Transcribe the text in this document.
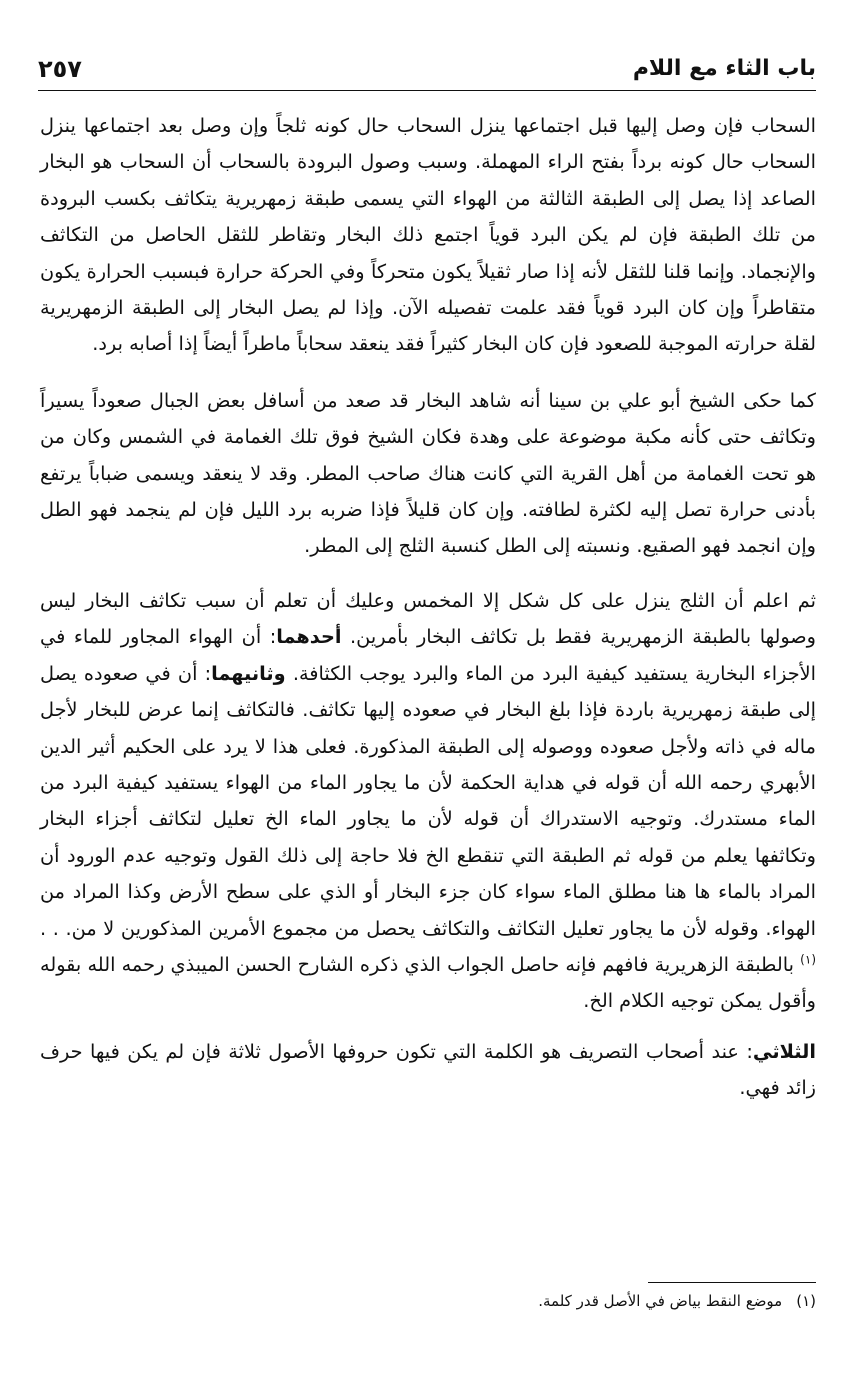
باب الثاء مع اللام
٢٥٧

السحاب فإن وصل إليها قبل اجتماعها ينزل السحاب حال كونه ثلجاً وإن وصل بعد اجتماعها ينزل السحاب حال كونه برداً بفتح الراء المهملة. وسبب وصول البرودة بالسحاب أن السحاب هو البخار الصاعد إذا يصل إلى الطبقة الثالثة من الهواء التي يسمى طبقة زمهريرية يتكاثف بكسب البرودة من تلك الطبقة فإن لم يكن البرد قوياً اجتمع ذلك البخار وتقاطر للثقل الحاصل من التكاثف والإنجماد. وإنما قلنا للثقل لأنه إذا صار ثقيلاً يكون متحركاً وفي الحركة حرارة فبسبب الحرارة يكون متقاطراً وإن كان البرد قوياً فقد علمت تفصيله الآن. وإذا لم يصل البخار إلى الطبقة الزمهريرية لقلة حرارته الموجبة للصعود فإن كان البخار كثيراً فقد ينعقد سحاباً ماطراً أيضاً إذا أصابه برد.

كما حكى الشيخ أبو علي بن سينا أنه شاهد البخار قد صعد من أسافل بعض الجبال صعوداً يسيراً وتكاثف حتى كأنه مكبة موضوعة على وهدة فكان الشيخ فوق تلك الغمامة في الشمس وكان من هو تحت الغمامة من أهل القرية التي كانت هناك صاحب المطر. وقد لا ينعقد ويسمى ضباباً يرتفع بأدنى حرارة تصل إليه لكثرة لطافته. وإن كان قليلاً فإذا ضربه برد الليل فإن لم ينجمد فهو الطل وإن انجمد فهو الصقيع. ونسبته إلى الطل كنسبة الثلج إلى المطر.

ثم اعلم أن الثلج ينزل على كل شكل إلا المخمس وعليك أن تعلم أن سبب تكاثف البخار ليس وصولها بالطبقة الزمهريرية فقط بل تكاثف البخار بأمرين. أحدهما: أن الهواء المجاور للماء في الأجزاء البخارية يستفيد كيفية البرد من الماء والبرد يوجب الكثافة. وثانيهما: أن في صعوده يصل إلى طبقة زمهريرية باردة فإذا بلغ البخار في صعوده إليها تكاثف. فالتكاثف إنما عرض للبخار لأجل ماله في ذاته ولأجل صعوده ووصوله إلى الطبقة المذكورة. فعلى هذا لا يرد على الحكيم أثير الدين الأبهري رحمه الله أن قوله في هداية الحكمة لأن ما يجاور الماء من الهواء يستفيد كيفية البرد من الماء مستدرك. وتوجيه الاستدراك أن قوله لأن ما يجاور الماء الخ تعليل لتكاثف أجزاء البخار وتكاثفها يعلم من قوله ثم الطبقة التي تنقطع الخ فلا حاجة إلى ذلك القول وتوجيه عدم الورود أن المراد بالماء ها هنا مطلق الماء سواء كان جزء البخار أو الذي على سطح الأرض وكذا المراد من الهواء. وقوله لأن ما يجاور تعليل التكاثف والتكاثف يحصل من مجموع الأمرين المذكورين لا من. . . $^{(١)}$ بالطبقة الزهريرية فافهم فإنه حاصل الجواب الذي ذكره الشارح الحسن الميبذي رحمه الله بقوله وأقول يمكن توجيه الكلام الخ.

الثلاثي: عند أصحاب التصريف هو الكلمة التي تكون حروفها الأصول ثلاثة فإن لم يكن فيها حرف زائد فهي.

(١)موضع النقط بياض في الأصل قدر كلمة.
